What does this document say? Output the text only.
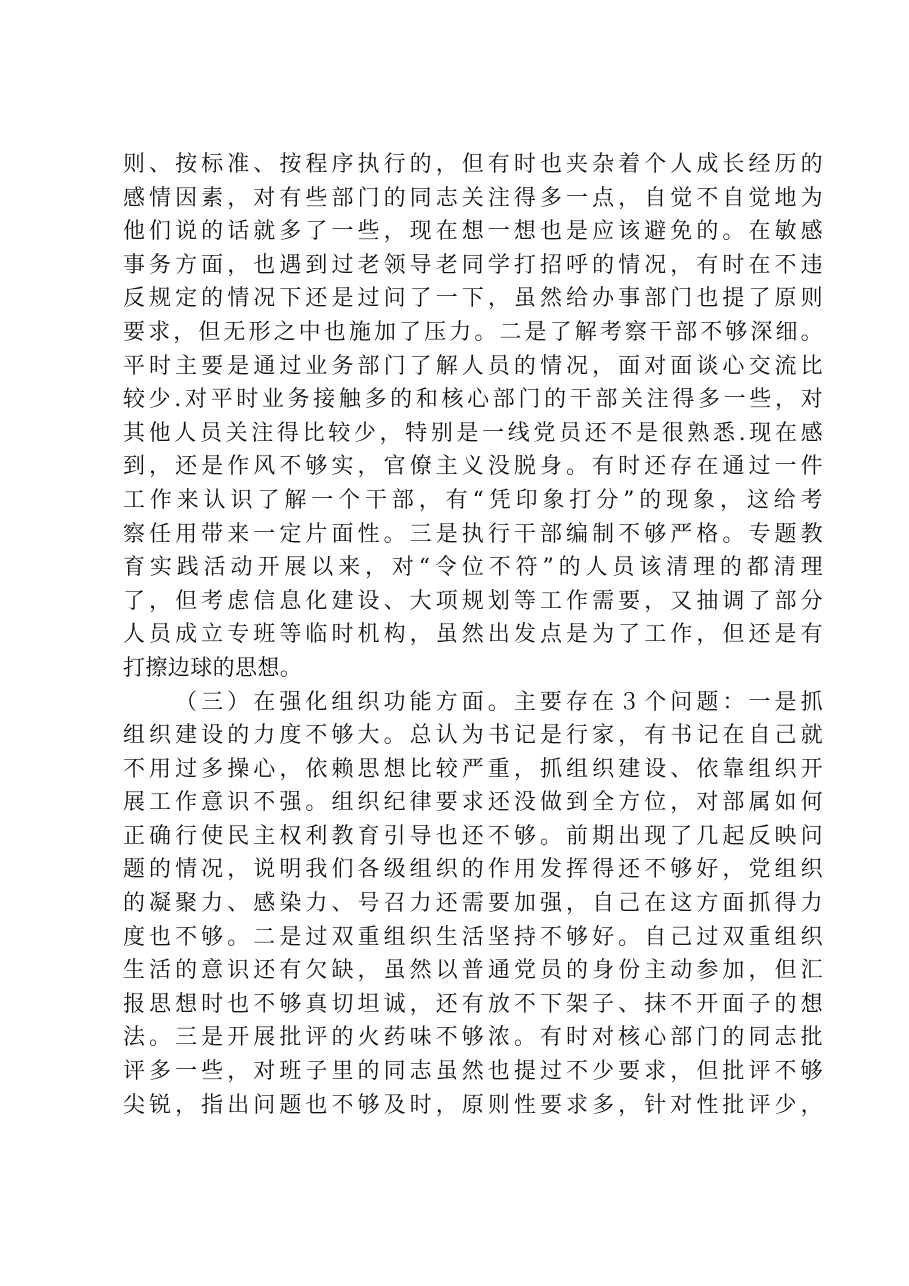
则、按标准、按程序执行的，但有时也夹杂着个人成长经历的
感情因素，对有些部门的同志关注得多一点，自觉不自觉地为
他们说的话就多了一些，现在想一想也是应该避免的。在敏感
事务方面，也遇到过老领导老同学打招呼的情况，有时在不违
反规定的情况下还是过问了一下，虽然给办事部门也提了原则
要求，但无形之中也施加了压力。二是了解考察干部不够深细。
平时主要是通过业务部门了解人员的情况，面对面谈心交流比
较少.对平时业务接触多的和核心部门的干部关注得多一些，对
其他人员关注得比较少，特别是一线党员还不是很熟悉.现在感
到，还是作风不够实，官僚主义没脱身。有时还存在通过一件
工作来认识了解一个干部，有“凭印象打分”的现象，这给考
察任用带来一定片面性。三是执行干部编制不够严格。专题教
育实践活动开展以来，对“令位不符”的人员该清理的都清理
了，但考虑信息化建设、大项规划等工作需要，又抽调了部分
人员成立专班等临时机构，虽然出发点是为了工作，但还是有
打擦边球的思想。
（三）在强化组织功能方面。主要存在３个问题：一是抓
组织建设的力度不够大。总认为书记是行家，有书记在自己就
不用过多操心，依赖思想比较严重，抓组织建设、依靠组织开
展工作意识不强。组织纪律要求还没做到全方位，对部属如何
正确行使民主权利教育引导也还不够。前期出现了几起反映问
题的情况，说明我们各级组织的作用发挥得还不够好，党组织
的凝聚力、感染力、号召力还需要加强，自己在这方面抓得力
度也不够。二是过双重组织生活坚持不够好。自己过双重组织
生活的意识还有欠缺，虽然以普通党员的身份主动参加，但汇
报思想时也不够真切坦诚，还有放不下架子、抹不开面子的想
法。三是开展批评的火药味不够浓。有时对核心部门的同志批
评多一些，对班子里的同志虽然也提过不少要求，但批评不够
尖锐，指出问题也不够及时，原则性要求多，针对性批评少，
